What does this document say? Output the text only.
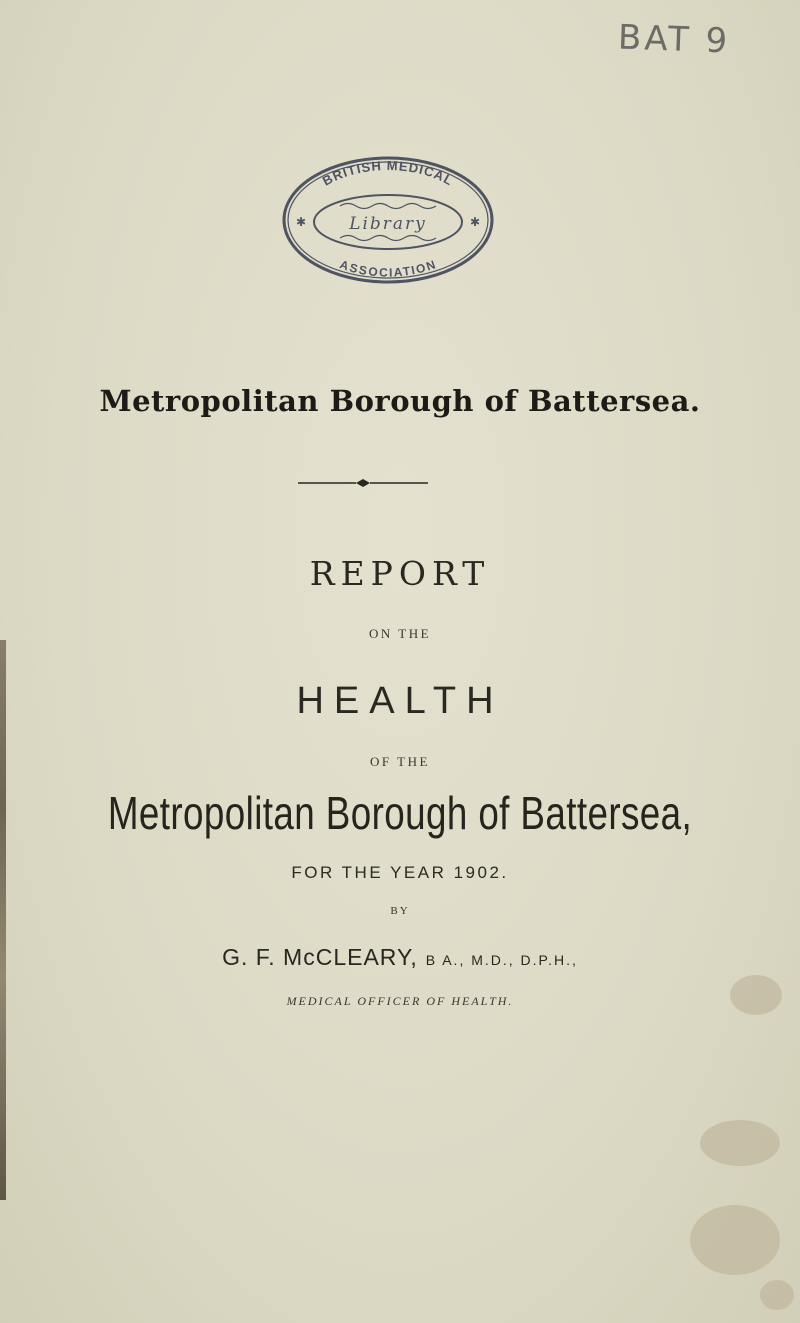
BAT 9
BRITISH MEDICAL
ASSOCIATION
Library
✱	✱
Metropolitan Borough of Battersea.
REPORT
ON THE
HEALTH
OF THE
Metropolitan Borough of Battersea,
FOR THE YEAR 1902.
BY
G. F. McCLEARY, B A., M.D., D.P.H.,
MEDICAL OFFICER OF HEALTH.
